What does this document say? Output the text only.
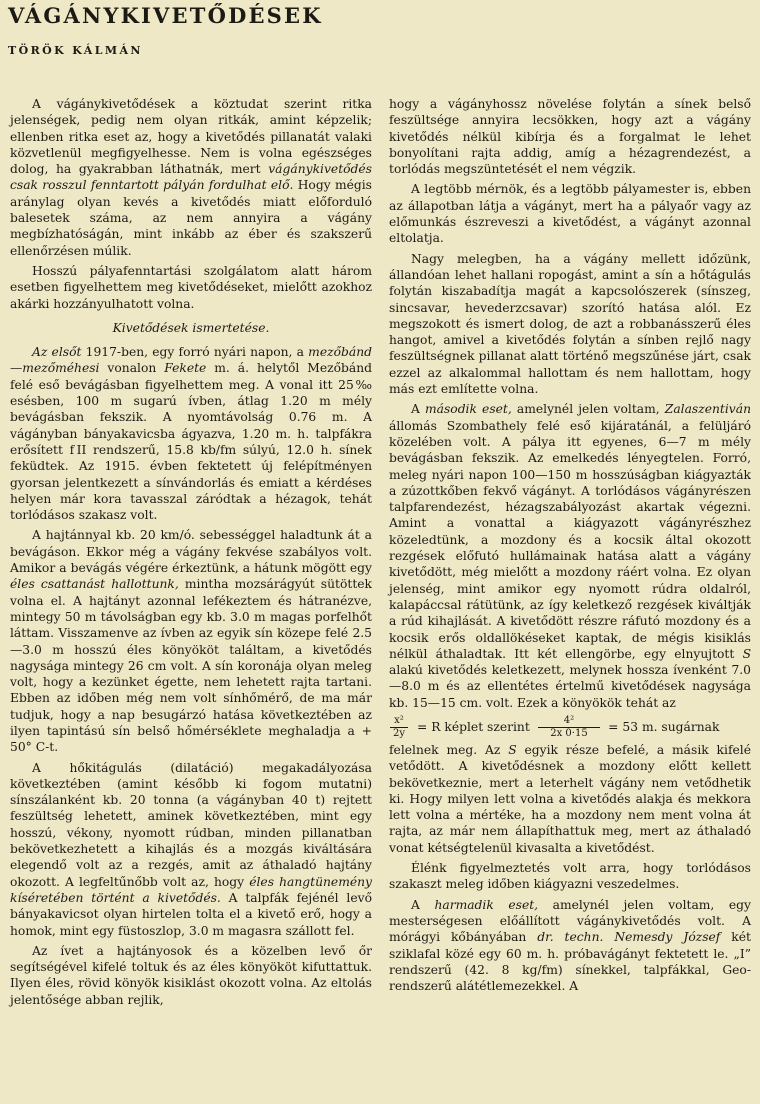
VÁGÁNYKIVETŐDÉSEK
TÖRÖK KÁLMÁN

A vágánykivetődések a köztudat szerint ritka jelenségek, pedig nem olyan ritkák, amint képzelik; ellenben ritka eset az, hogy a kivetődés pillanatát valaki közvetlenül megfigyelhesse. Nem is volna egészséges dolog, ha gyakrabban láthatnák, mert vágánykivetődés csak rosszul fenntartott pályán fordulhat elő. Hogy mégis aránylag olyan kevés a kivetődés miatt előforduló balesetek száma, az nem annyira a vágány megbízhatóságán, mint inkább az éber és szakszerű ellenőrzésen múlik.

Hosszú pályafenntartási szolgálatom alatt három esetben figyelhettem meg kivetődéseket, mielőtt azokhoz akárki hozzányulhatott volna.

Kivetődések ismertetése.

Az elsőt 1917-ben, egy forró nyári napon, a mezőbánd—mezőméhesi vonalon Fekete m. á. helytől Mezőbánd felé eső bevágásban figyelhettem meg. A vonal itt 25‰ esésben, 100 m sugarú ívben, átlag 1.20 m mély bevágásban fekszik. A nyomtávolság 0.76 m. A vágányban bányakavicsba ágyazva, 1.20 m. h. talpfákra erősített f II rendszerű, 15.8 kb/fm súlyú, 12.0 h. sínek feküdtek. Az 1915. évben fektetett új felépítményen gyorsan jelentkezett a sínvándorlás és emiatt a kérdéses helyen már kora tavasszal záródtak a hézagok, tehát torlódásos szakasz volt.

A hajtánnyal kb. 20 km/ó. sebességgel haladtunk át a bevágáson. Ekkor még a vágány fekvése szabályos volt. Amikor a bevágás végére érkeztünk, a hátunk mögött egy éles csattanást hallottunk, mintha mozsárágyút sütöttek volna el. A hajtányt azonnal lefékeztem és hátranézve, mintegy 50 m távolságban egy kb. 3.0 m magas porfelhőt láttam. Visszamenve az ívben az egyik sín közepe felé 2.5—3.0 m hosszú éles könyököt találtam, a kivetődés nagysága mintegy 26 cm volt. A sín koronája olyan meleg volt, hogy a kezünket égette, nem lehetett rajta tartani. Ebben az időben még nem volt sínhőmérő, de ma már tudjuk, hogy a nap besugárzó hatása következtében az ilyen tapintású sín belső hőmérséklete meghaladja a + 50° C-t.

A hőkitágulás (dilatáció) megakadályozása következtében (amint később ki fogom mutatni) sínszálanként kb. 20 tonna (a vágányban 40 t) rejtett feszültség lehetett, aminek következtében, mint egy hosszú, vékony, nyomott rúdban, minden pillanatban bekövetkezhetett a kihajlás és a mozgás kiváltására elegendő volt az a rezgés, amit az áthaladó hajtány okozott. A legfeltűnőbb volt az, hogy éles hangtünemény kíséretében történt a kivetődés. A talpfák fejénél levő bányakavicsot olyan hirtelen tolta el a kivető erő, hogy a homok, mint egy füstoszlop, 3.0 m magasra szállott fel.

Az ívet a hajtányosok és a közelben levő őr segítségével kifelé toltuk és az éles könyököt kifuttattuk. Ilyen éles, rövid könyök kisiklást okozott volna. Az eltolás jelentősége abban rejlik,

hogy a vágányhossz növelése folytán a sínek belső feszültsége annyira lecsökken, hogy azt a vágány kivetődés nélkül kibírja és a forgalmat le lehet bonyolítani rajta addig, amíg a hézagrendezést, a torlódás megszüntetését el nem végzik.

A legtöbb mérnök, és a legtöbb pályamester is, ebben az állapotban látja a vágányt, mert ha a pályaőr vagy az előmunkás észreveszi a kivetődést, a vágányt azonnal eltolatja.

Nagy melegben, ha a vágány mellett időzünk, állandóan lehet hallani ropogást, amint a sín a hőtágulás folytán kiszabadítja magát a kapcsolószerek (sínszeg, sincsavar, hevederzcsavar) szorító hatása alól. Ez megszokott és ismert dolog, de azt a robbanásszerű éles hangot, amivel a kivetődés folytán a sínben rejlő nagy feszültségnek pillanat alatt történő megszűnése járt, csak ezzel az alkalommal hallottam és nem hallottam, hogy más ezt említette volna.

A második eset, amelynél jelen voltam, Zalaszentiván állomás Szombathely felé eső kijáratánál, a felüljáró közelében volt. A pálya itt egyenes, 6—7 m mély bevágásban fekszik. Az emelkedés lényegtelen. Forró, meleg nyári napon 100—150 m hosszúságban kiágyazták a zúzottkőben fekvő vágányt. A torlódásos vágányrészen talpfarendezést, hézagszabályozást akartak végezni. Amint a vonattal a kiágyazott vágányrészhez közeledtünk, a mozdony és a kocsik által okozott rezgések előfutó hullámainak hatása alatt a vágány kivetődött, még mielőtt a mozdony ráért volna. Ez olyan jelenség, mint amikor egy nyomott rúdra oldalról, kalapáccsal rátütünk, az így keletkező rezgések kiváltják a rúd kihajlását. A kivetődött részre ráfutó mozdony és a kocsik erős oldallökéseket kaptak, de mégis kisiklás nélkül áthaladtak. Itt két ellengörbe, egy elnyujtott S alakú kivetődés keletkezett, melynek hossza ívenként 7.0—8.0 m és az ellentétes értelmű kivetődések nagysága kb. 15—15 cm. volt. Ezek a könyökök tehát az

$\frac{\text{x²}}{2y} = R$ képlet szerint $\frac{\text{4²}}{2x 0\cdot 15} = 53$ m. sugárnak

felelnek meg. Az S egyik része befelé, a másik kifelé vetődött. A kivetődésnek a mozdony előtt kellett bekövetkeznie, mert a leterhelt vágány nem vetődhetik ki. Hogy milyen lett volna a kivetődés alakja és mekkora lett volna a mértéke, ha a mozdony nem ment volna át rajta, az már nem állapíthattuk meg, mert az áthaladó vonat kétségtelenül kivasalta a kivetődést.

Élénk figyelmeztetés volt arra, hogy torlódásos szakaszt meleg időben kiágyazni veszedelmes.

A harmadik eset, amelynél jelen voltam, egy mesterségesen előállított vágánykivetődés volt. A mórágyi kőbányában dr. techn. Nemesdy József két sziklafal közé egy 60 m. h. próbavágányt fektetett le. „I” rendszerű (42. 8 kg/fm) sínekkel, talpfákkal, Geo-rendszerű alátétlemezekkel. A
